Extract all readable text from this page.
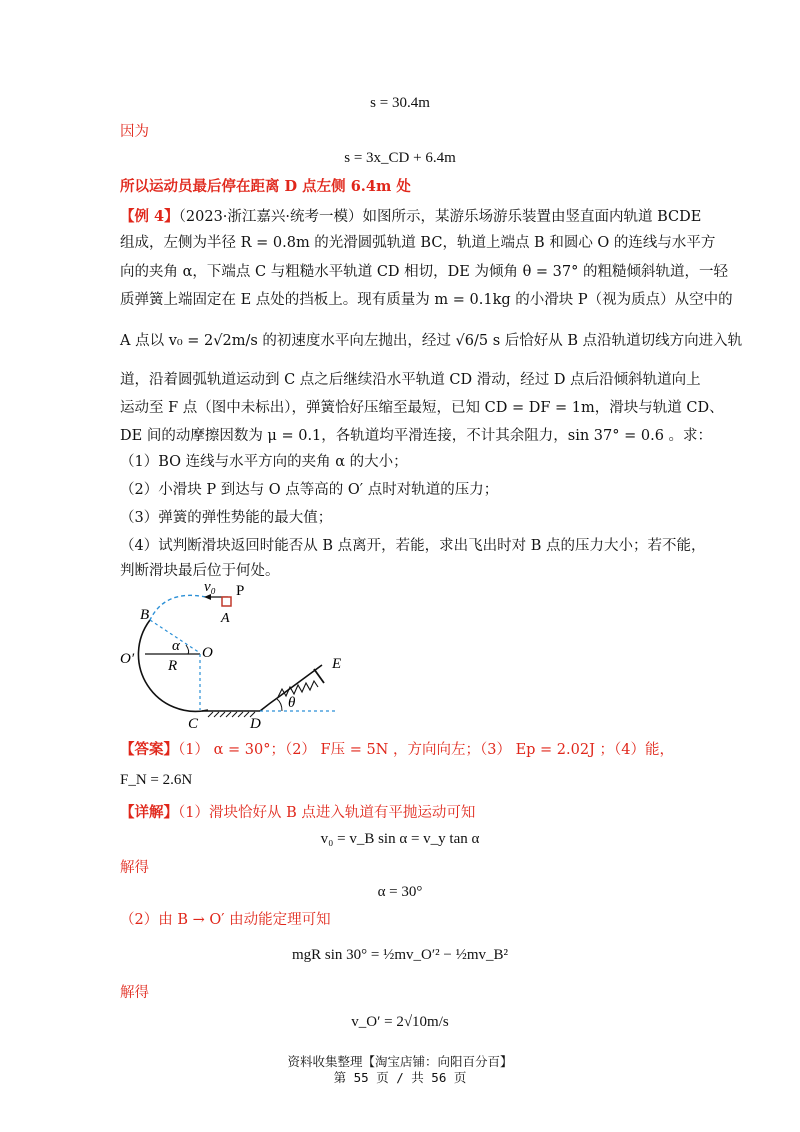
s = 30.4m
因为
s = 3x_CD + 6.4m
所以运动员最后停在距离 D 点左侧 6.4m 处
【例 4】（2023·浙江嘉兴·统考一模）如图所示，某游乐场游乐装置由竖直面内轨道 BCDE
组成，左侧为半径 R = 0.8m 的光滑圆弧轨道 BC，轨道上端点 B 和圆心 O 的连线与水平方
向的夹角 α，下端点 C 与粗糙水平轨道 CD 相切，DE 为倾角 θ = 37° 的粗糙倾斜轨道，一轻
质弹簧上端固定在 E 点处的挡板上。现有质量为 m = 0.1kg 的小滑块 P（视为质点）从空中的
A 点以 v₀ = 2√2m/s 的初速度水平向左抛出，经过 √6/5 s 后恰好从 B 点沿轨道切线方向进入轨
道，沿着圆弧轨道运动到 C 点之后继续沿水平轨道 CD 滑动，经过 D 点后沿倾斜轨道向上
运动至 F 点（图中未标出），弹簧恰好压缩至最短，已知 CD = DF = 1m，滑块与轨道 CD、
DE 间的动摩擦因数为 μ = 0.1，各轨道均平滑连接，不计其余阻力，sin 37° = 0.6 。求：
（1）BO 连线与水平方向的夹角 α 的大小；
（2）小滑块 P 到达与 O 点等高的 O′ 点时对轨道的压力；
（3）弹簧的弹性势能的最大值；
（4）试判断滑块返回时能否从 B 点离开，若能，求出飞出时对 B 点的压力大小；若不能，
判断滑块最后位于何处。
v₀ P
A
B
α O
O′ R	E
θ
C	D
【答案】（1） α = 30°；（2） F压 = 5N ，方向向左；（3） Ep = 2.02J ；（4）能，
F_N = 2.6N
【详解】（1）滑块恰好从 B 点进入轨道有平抛运动可知
v₀ = v_B sin α = v_y tan α
解得
α = 30°
（2）由 B → O′ 由动能定理可知
mgR sin 30° = ½mv_O′² − ½mv_B²
解得
v_O′ = 2√10m/s
资料收集整理【淘宝店铺：向阳百分百】
第 55 页 / 共 56 页
